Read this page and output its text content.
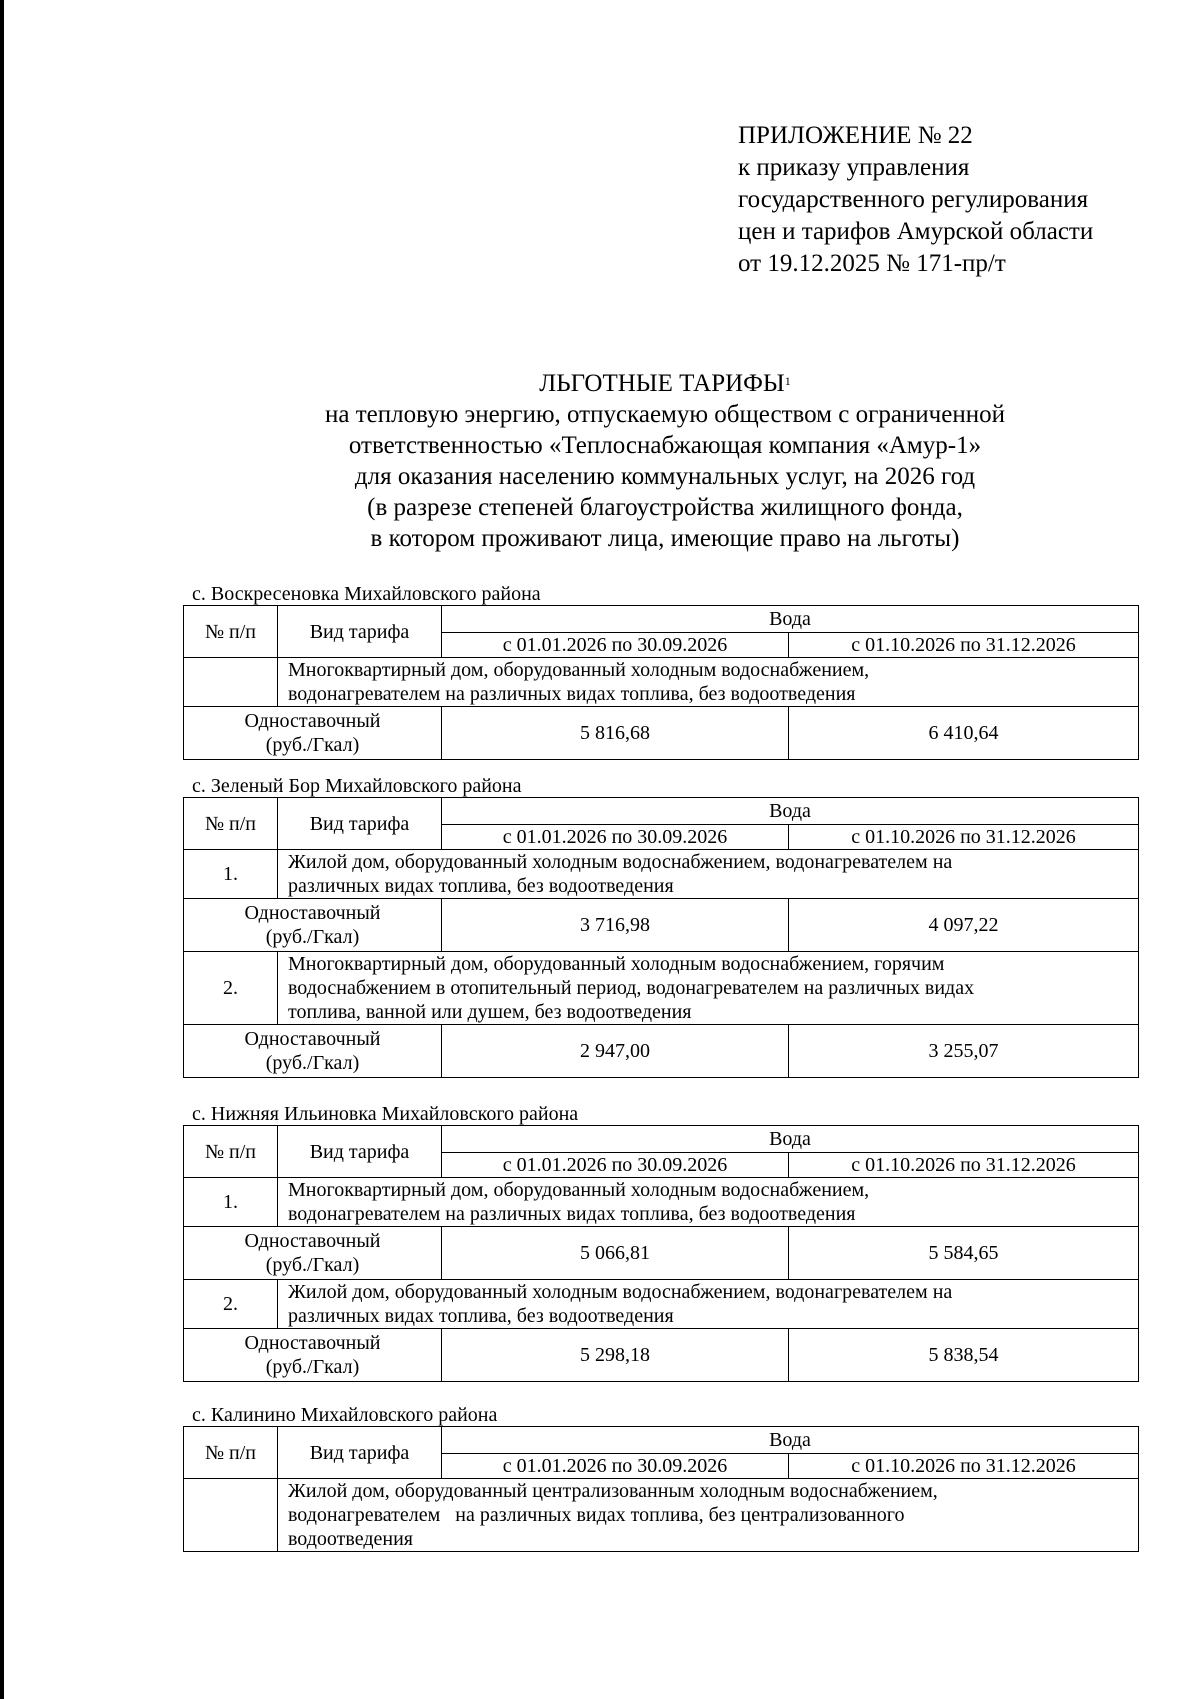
ПРИЛОЖЕНИЕ № 22
к приказу управления
государственного регулирования
цен и тарифов Амурской области
от 19.12.2025 № 171-пр/т
ЛЬГОТНЫЕ ТАРИФЫ$^1$
на тепловую энергию, отпускаемую обществом с ограниченной
ответственностью «Теплоснабжающая компания «Амур-1»
для оказания населению коммунальных услуг, на 2026 год
(в разрезе степеней благоустройства жилищного фонда,
в котором проживают лица, имеющие право на льготы)
с. Воскресеновка Михайловского района
№ п/п	Вид тарифа	Вода	
		с 01.01.2026 по 30.09.2026	с 01.10.2026 по 31.12.2026

	Многоквартирный дом, оборудованный холодным водоснабжением,
водонагревателем на различных видах топлива, без водоотведения		

Одноставочный
(руб./Гкал)		5 816,68	6 410,64
с. Зеленый Бор Михайловского района
№ п/п	Вид тарифа	Вода	
		с 01.01.2026 по 30.09.2026	с 01.10.2026 по 31.12.2026
1.	Жилой дом, оборудованный холодным водоснабжением, водонагревателем на
различных видах топлива, без водоотведения		

Одноставочный
(руб./Гкал)		3 716,98	4 097,22
2.	Многоквартирный дом, оборудованный холодным водоснабжением, горячим
водоснабжением в отопительный период, водонагревателем на различных видах
топлива, ванной или душем, без водоотведения		

Одноставочный
(руб./Гкал)		2 947,00	3 255,07
с. Нижняя Ильиновка Михайловского района
№ п/п	Вид тарифа	Вода	
		с 01.01.2026 по 30.09.2026	с 01.10.2026 по 31.12.2026
1.	Многоквартирный дом, оборудованный холодным водоснабжением,
водонагревателем на различных видах топлива, без водоотведения		

Одноставочный
(руб./Гкал)		5 066,81	5 584,65
2.	Жилой дом, оборудованный холодным водоснабжением, водонагревателем на
различных видах топлива, без водоотведения		

Одноставочный
(руб./Гкал)		5 298,18	5 838,54
с. Калинино Михайловского района
№ п/п	Вид тарифа	Вода	
		с 01.01.2026 по 30.09.2026	с 01.10.2026 по 31.12.2026

	Жилой дом, оборудованный централизованным холодным водоснабжением,
водонагревателем   на различных видах топлива, без централизованного
водоотведения		
